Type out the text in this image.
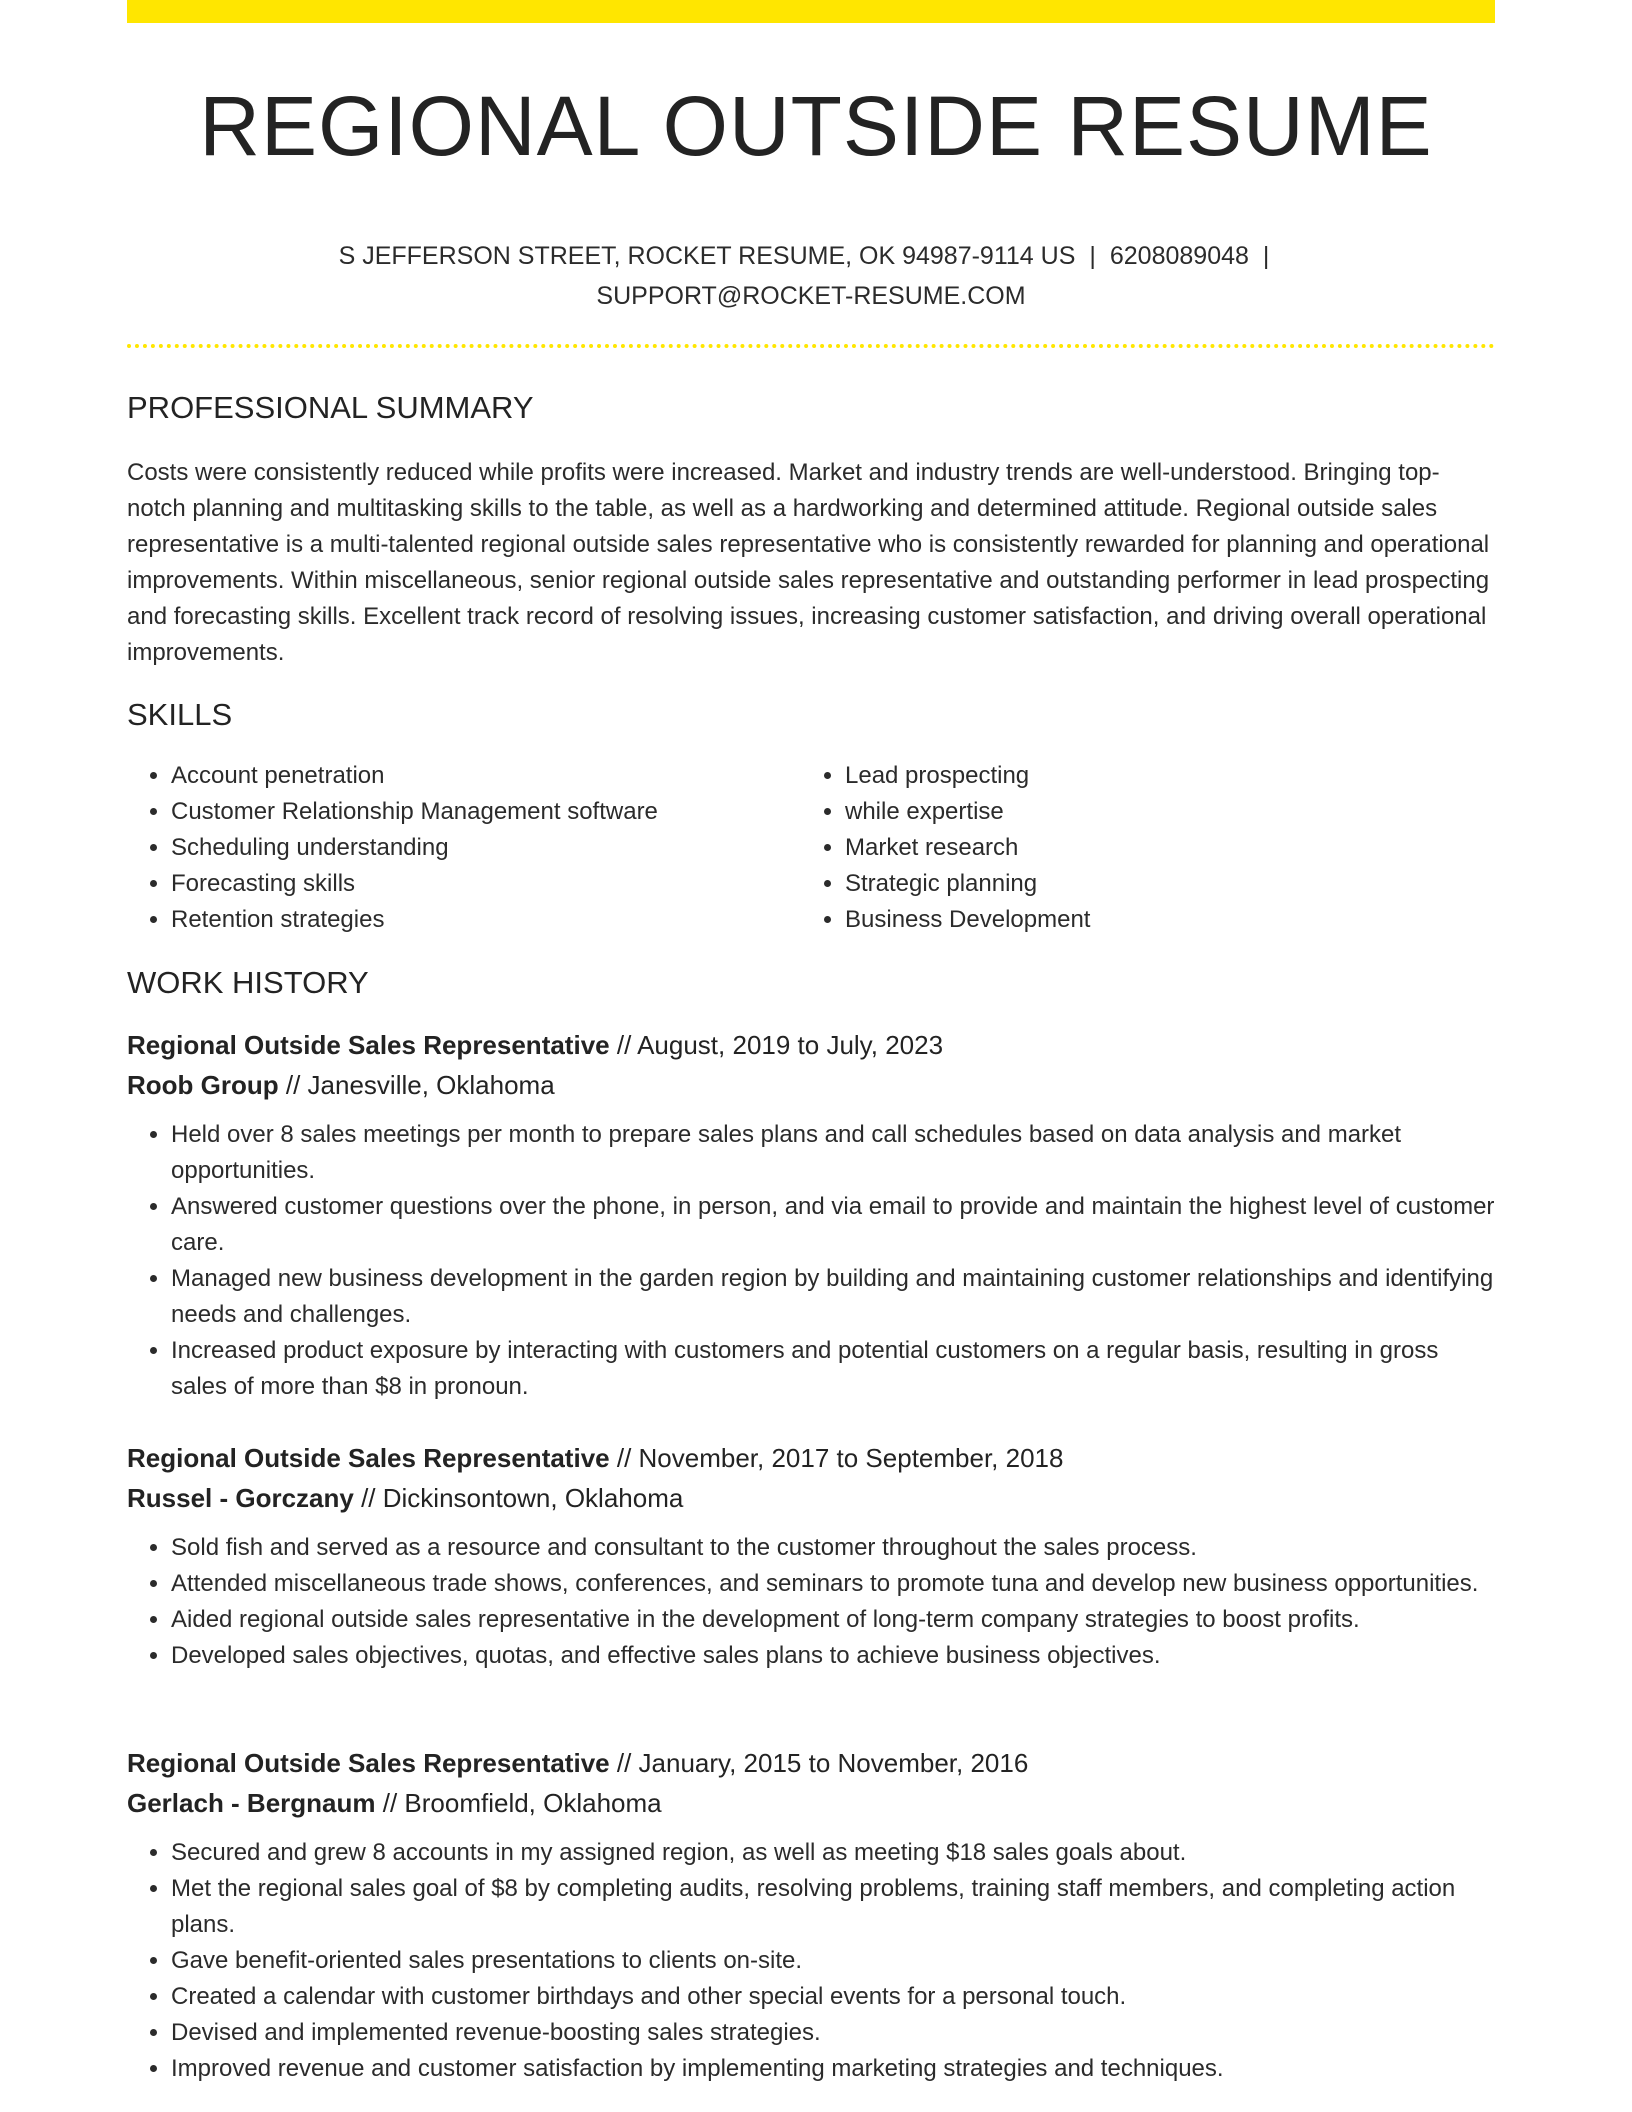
REGIONAL OUTSIDE RESUME
S JEFFERSON STREET, ROCKET RESUME, OK 94987-9114 US | 6208089048 |
SUPPORT@ROCKET-RESUME.COM
PROFESSIONAL SUMMARY

Costs were consistently reduced while profits were increased. Market and industry trends are well-understood. Bringing top-notch planning and multitasking skills to the table, as well as a hardworking and determined attitude. Regional outside sales representative is a multi-talented regional outside sales representative who is consistently rewarded for planning and operational improvements. Within miscellaneous, senior regional outside sales representative and outstanding performer in lead prospecting and forecasting skills. Excellent track record of resolving issues, increasing customer satisfaction, and driving overall operational improvements.

SKILLS
• Account penetration
• Customer Relationship Management software
• Scheduling understanding
• Forecasting skills
• Retention strategies
• Lead prospecting
• while expertise
• Market research
• Strategic planning
• Business Development
WORK HISTORY
Regional Outside Sales Representative // August, 2019 to July, 2023
Roob Group // Janesville, Oklahoma
• Held over 8 sales meetings per month to prepare sales plans and call schedules based on data analysis and market opportunities.
• Answered customer questions over the phone, in person, and via email to provide and maintain the highest level of customer care.
• Managed new business development in the garden region by building and maintaining customer relationships and identifying needs and challenges.
• Increased product exposure by interacting with customers and potential customers on a regular basis, resulting in gross sales of more than $8 in pronoun.
Regional Outside Sales Representative // November, 2017 to September, 2018
Russel - Gorczany // Dickinsontown, Oklahoma
• Sold fish and served as a resource and consultant to the customer throughout the sales process.
• Attended miscellaneous trade shows, conferences, and seminars to promote tuna and develop new business opportunities.
• Aided regional outside sales representative in the development of long-term company strategies to boost profits.
• Developed sales objectives, quotas, and effective sales plans to achieve business objectives.
Regional Outside Sales Representative // January, 2015 to November, 2016
Gerlach - Bergnaum // Broomfield, Oklahoma
• Secured and grew 8 accounts in my assigned region, as well as meeting $18 sales goals about.
• Met the regional sales goal of $8 by completing audits, resolving problems, training staff members, and completing action plans.
• Gave benefit-oriented sales presentations to clients on-site.
• Created a calendar with customer birthdays and other special events for a personal touch.
• Devised and implemented revenue-boosting sales strategies.
• Improved revenue and customer satisfaction by implementing marketing strategies and techniques.
